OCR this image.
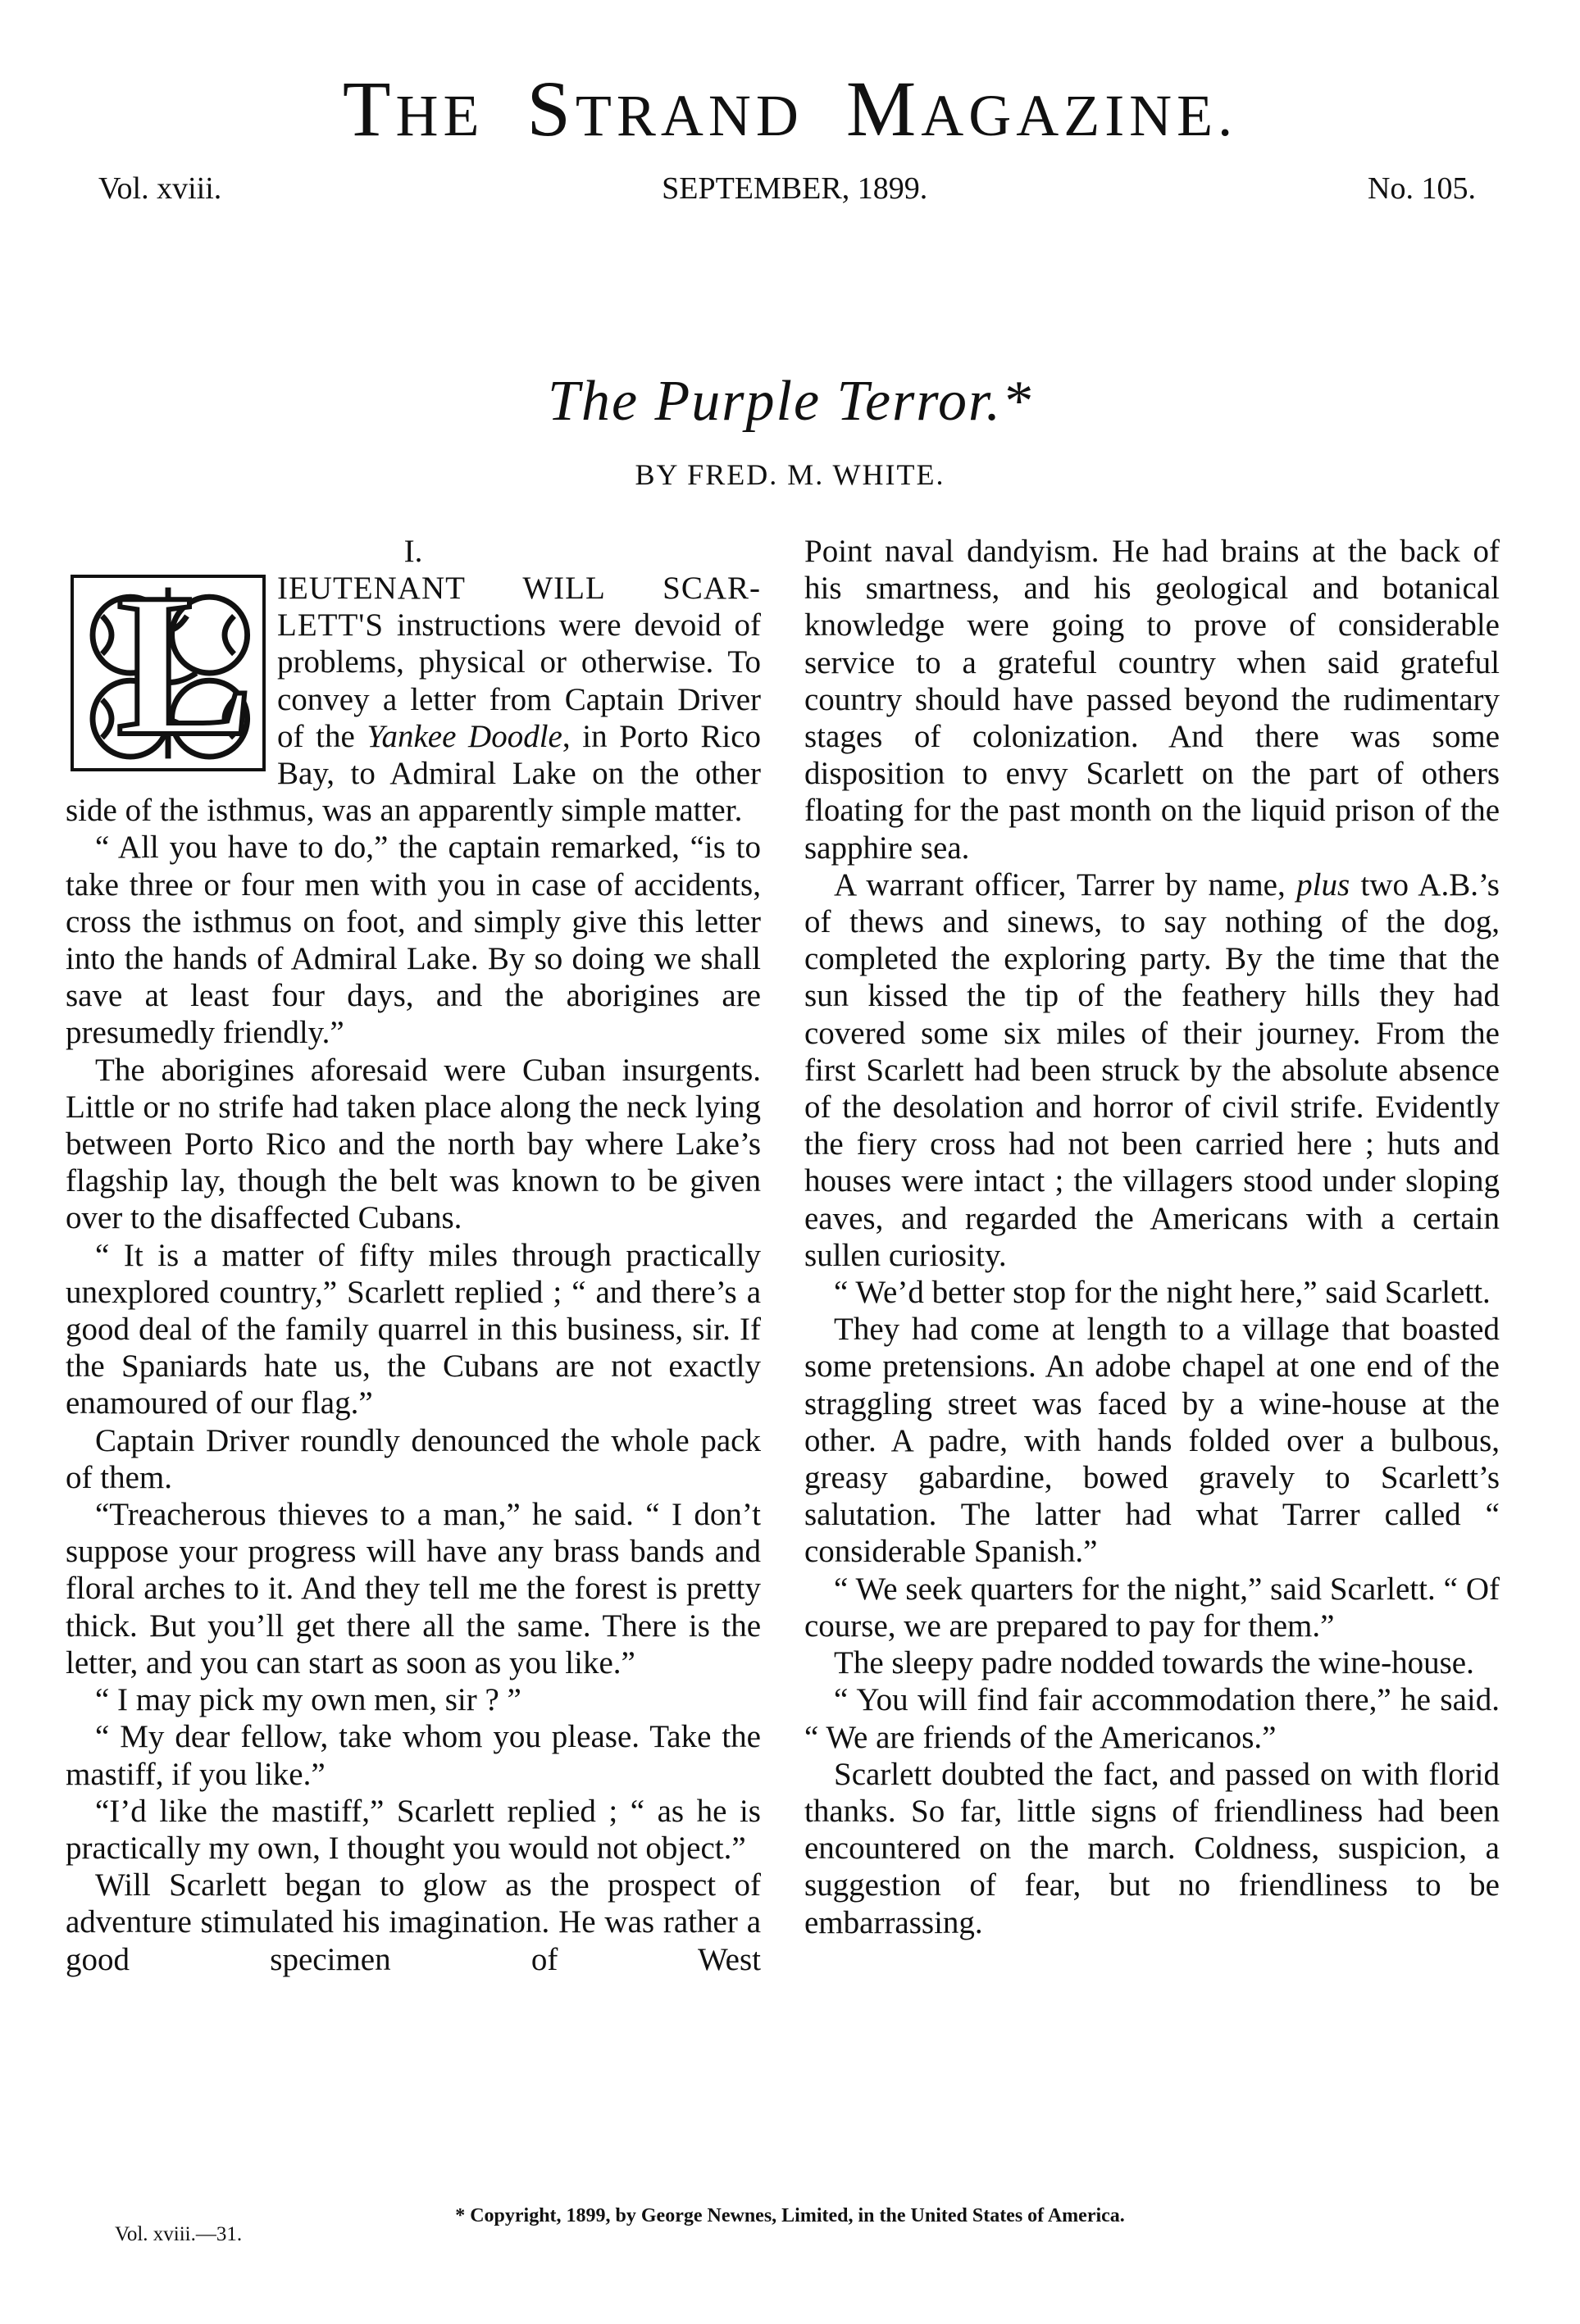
THE STRAND MAGAZINE.
Vol. xviii.	SEPTEMBER, 1899.	No. 105.
The Purple Terror.*
BY FRED. M. WHITE.
I.
L IEUTENANT WILL SCAR-LETT'S instructions were devoid of problems, physical or otherwise. To convey a letter from Captain Driver of the Yankee Doodle, in Porto Rico Bay, to Admiral Lake on the other side of the isthmus, was an apparently simple matter.

“ All you have to do,” the captain remarked, “is to take three or four men with you in case of accidents, cross the isthmus on foot, and simply give this letter into the hands of Admiral Lake. By so doing we shall save at least four days, and the aborigines are presumedly friendly.”

The aborigines aforesaid were Cuban insurgents. Little or no strife had taken place along the neck lying between Porto Rico and the north bay where Lake’s flagship lay, though the belt was known to be given over to the disaffected Cubans.

“ It is a matter of fifty miles through practically unexplored country,” Scarlett replied ; “ and there’s a good deal of the family quarrel in this business, sir. If the Spaniards hate us, the Cubans are not exactly enamoured of our flag.”

Captain Driver roundly denounced the whole pack of them.

“Treacherous thieves to a man,” he said. “ I don’t suppose your progress will have any brass bands and floral arches to it. And they tell me the forest is pretty thick. But you’ll get there all the same. There is the letter, and you can start as soon as you like.”

“ I may pick my own men, sir ? ”

“ My dear fellow, take whom you please. Take the mastiff, if you like.”

“I’d like the mastiff,” Scarlett replied ; “ as he is practically my own, I thought you would not object.”

Will Scarlett began to glow as the prospect of adventure stimulated his imagination. He was rather a good specimen of West

Point naval dandyism. He had brains at the back of his smartness, and his geological and botanical knowledge were going to prove of considerable service to a grateful country when said grateful country should have passed beyond the rudimentary stages of colonization. And there was some disposition to envy Scarlett on the part of others floating for the past month on the liquid prison of the sapphire sea.

A warrant officer, Tarrer by name, plus two A.B.’s of thews and sinews, to say nothing of the dog, completed the exploring party. By the time that the sun kissed the tip of the feathery hills they had covered some six miles of their journey. From the first Scarlett had been struck by the absolute absence of the desolation and horror of civil strife. Evidently the fiery cross had not been carried here ; huts and houses were intact ; the villagers stood under sloping eaves, and regarded the Americans with a certain sullen curiosity.

“ We’d better stop for the night here,” said Scarlett.

They had come at length to a village that boasted some pretensions. An adobe chapel at one end of the straggling street was faced by a wine-house at the other. A padre, with hands folded over a bulbous, greasy gabardine, bowed gravely to Scarlett’s salutation. The latter had what Tarrer called “ considerable Spanish.”

“ We seek quarters for the night,” said Scarlett. “ Of course, we are prepared to pay for them.”

The sleepy padre nodded towards the wine-house.

“ You will find fair accommodation there,” he said. “ We are friends of the Americanos.”

Scarlett doubted the fact, and passed on with florid thanks. So far, little signs of friendliness had been encountered on the march. Coldness, suspicion, a suggestion of fear, but no friendliness to be embarrassing.

* Copyright, 1899, by George Newnes, Limited, in the United States of America.
Vol. xviii.—31.
